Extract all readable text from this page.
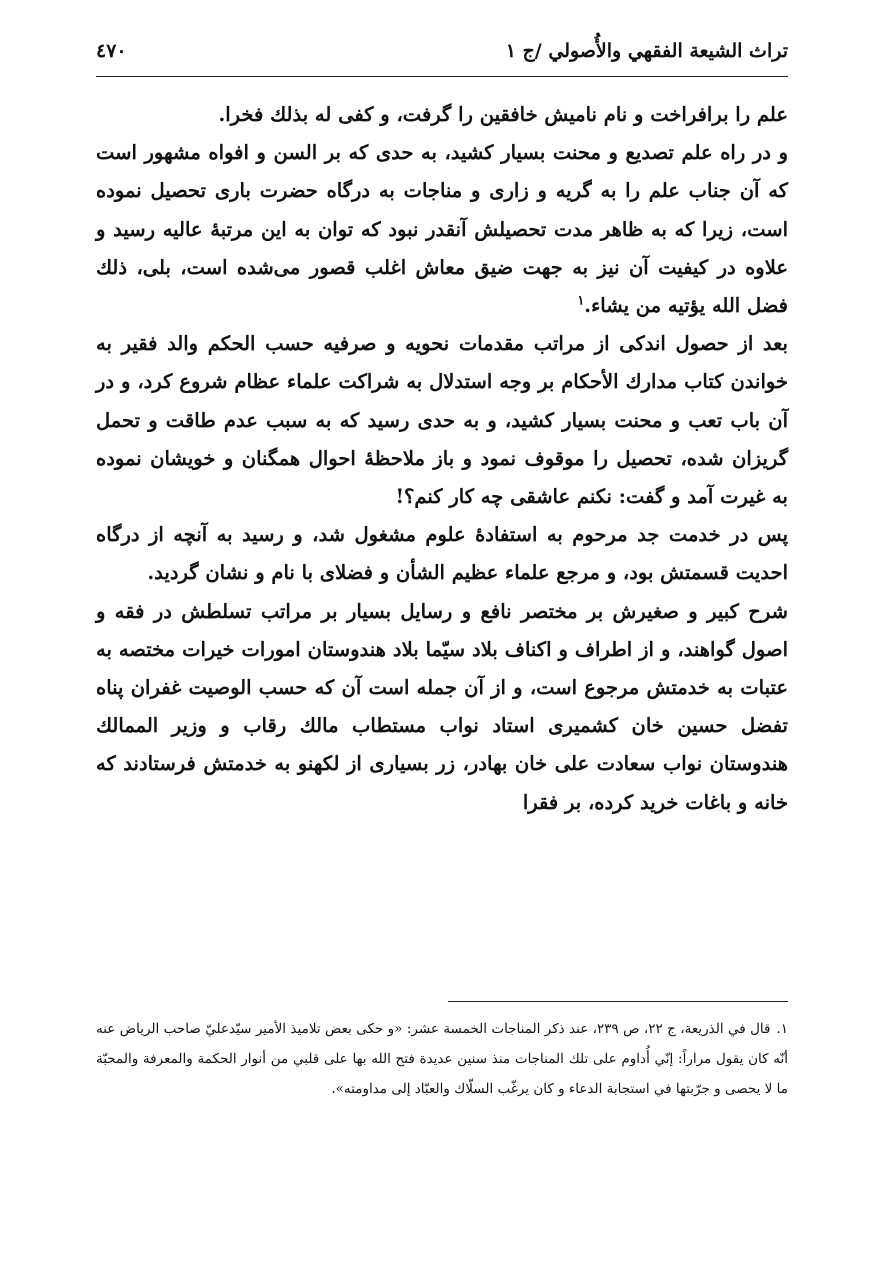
تراث الشيعة الفقهي والأُصولي /ج ١
٤٧٠

علم را برافراخت و نام ناميش خافقين را گرفت، و كفى له بذلك فخرا.

و در راه علم تصديع و محنت بسيار كشيد، به حدى كه بر السن و افواه مشهور است كه آن جناب علم را به گريه و زارى و مناجات به درگاه حضرت بارى تحصيل نموده است، زيرا كه به ظاهر مدت تحصيلش آنقدر نبود كه توان به اين مرتبۀ عاليه رسيد و علاوه در كيفيت آن نيز به جهت ضيق معاش اغلب قصور مى‌شده است، بلى، ذلك فضل الله يؤتيه من يشاء.$^١$

بعد از حصول اندكى از مراتب مقدمات نحويه و صرفيه حسب الحكم والد فقير به خواندن كتاب مدارك الأحكام بر وجه استدلال به شراكت علماء عظام شروع كرد، و در آن باب تعب و محنت بسيار كشيد، و به حدى رسيد كه به سبب عدم طاقت و تحمل گريزان شده، تحصيل را موقوف نمود و باز ملاحظۀ احوال همگنان و خويشان نموده به غيرت آمد و گفت: نكنم عاشقى چه كار كنم؟!

پس در خدمت جد مرحوم به استفادۀ علوم مشغول شد، و رسيد به آنچه از درگاه احديت قسمتش بود، و مرجع علماء عظيم الشأن و فضلاى با نام و نشان گرديد.

شرح كبير و صغيرش بر مختصر نافع و رسايل بسيار بر مراتب تسلطش در فقه و اصول گواهند، و از اطراف و اكناف بلاد سيّما بلاد هندوستان امورات خيرات مختصه به عتبات به خدمتش مرجوع است، و از آن جمله است آن كه حسب الوصيت غفران پناه تفضل حسين خان كشميرى استاد نواب مستطاب مالك رقاب و وزير الممالك هندوستان نواب سعادت على خان بهادر، زر بسيارى از لكهنو به خدمتش فرستادند كه خانه و باغات خريد كرده، بر فقرا

١.قال في الذريعة، ج ٢٢، ص ٢٣٩، عند ذكر المناجات الخمسة عشر: «و حكى بعض تلاميذ الأمير سيّدعليّ صاحب الرياض عنه أنّه كان يقول مراراً: إنّي أُداوم على تلك المناجات منذ سنين عديدة فتح الله بها على قلبي من أنوار الحكمة والمعرفة والمحبّة ما لا يحصى و جرّبتها في استجابة الدعاء و كان يرغّب السلّاك والعبّاد إلى مداومته».
